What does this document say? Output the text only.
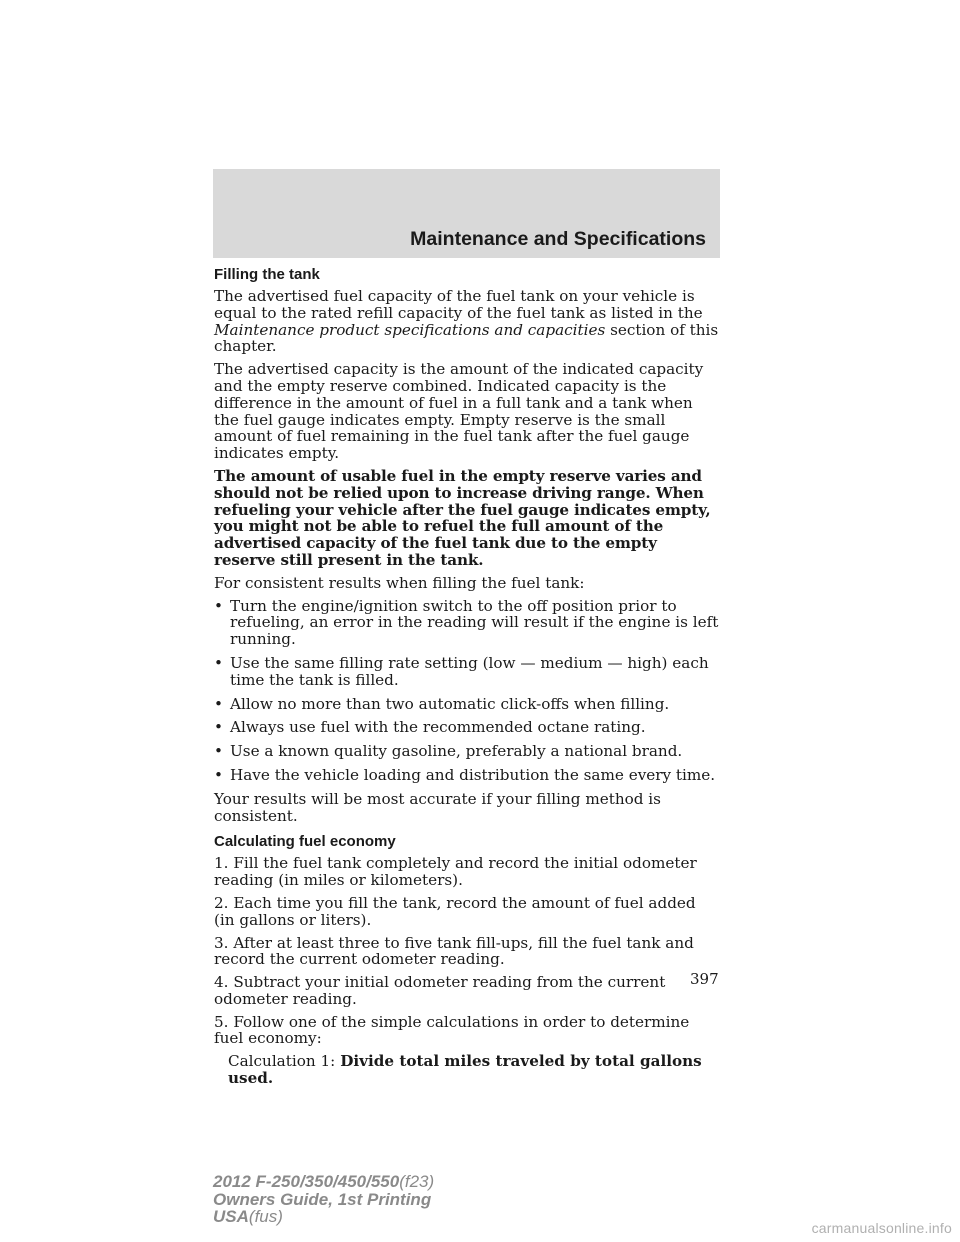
Maintenance and Specifications
Filling the tank

The advertised fuel capacity of the fuel tank on your vehicle is equal to the rated refill capacity of the fuel tank as listed in the Maintenance product specifications and capacities section of this chapter.

The advertised capacity is the amount of the indicated capacity and the empty reserve combined. Indicated capacity is the difference in the amount of fuel in a full tank and a tank when the fuel gauge indicates empty. Empty reserve is the small amount of fuel remaining in the fuel tank after the fuel gauge indicates empty.

The amount of usable fuel in the empty reserve varies and should not be relied upon to increase driving range. When refueling your vehicle after the fuel gauge indicates empty, you might not be able to refuel the full amount of the advertised capacity of the fuel tank due to the empty reserve still present in the tank.

For consistent results when filling the fuel tank:

• Turn the engine/ignition switch to the off position prior to refueling, an error in the reading will result if the engine is left running.
• Use the same filling rate setting (low — medium — high) each time the tank is filled.
• Allow no more than two automatic click-offs when filling.
• Always use fuel with the recommended octane rating.
• Use a known quality gasoline, preferably a national brand.
• Have the vehicle loading and distribution the same every time.

Your results will be most accurate if your filling method is consistent.

Calculating fuel economy

1. Fill the fuel tank completely and record the initial odometer reading (in miles or kilometers).

2. Each time you fill the tank, record the amount of fuel added (in gallons or liters).

3. After at least three to five tank fill-ups, fill the fuel tank and record the current odometer reading.

4. Subtract your initial odometer reading from the current odometer reading.

5. Follow one of the simple calculations in order to determine fuel economy:

Calculation 1: Divide total miles traveled by total gallons used.

397
2012 F-250/350/450/550(f23)
Owners Guide, 1st Printing
USA(fus)
carmanualsonline.info
